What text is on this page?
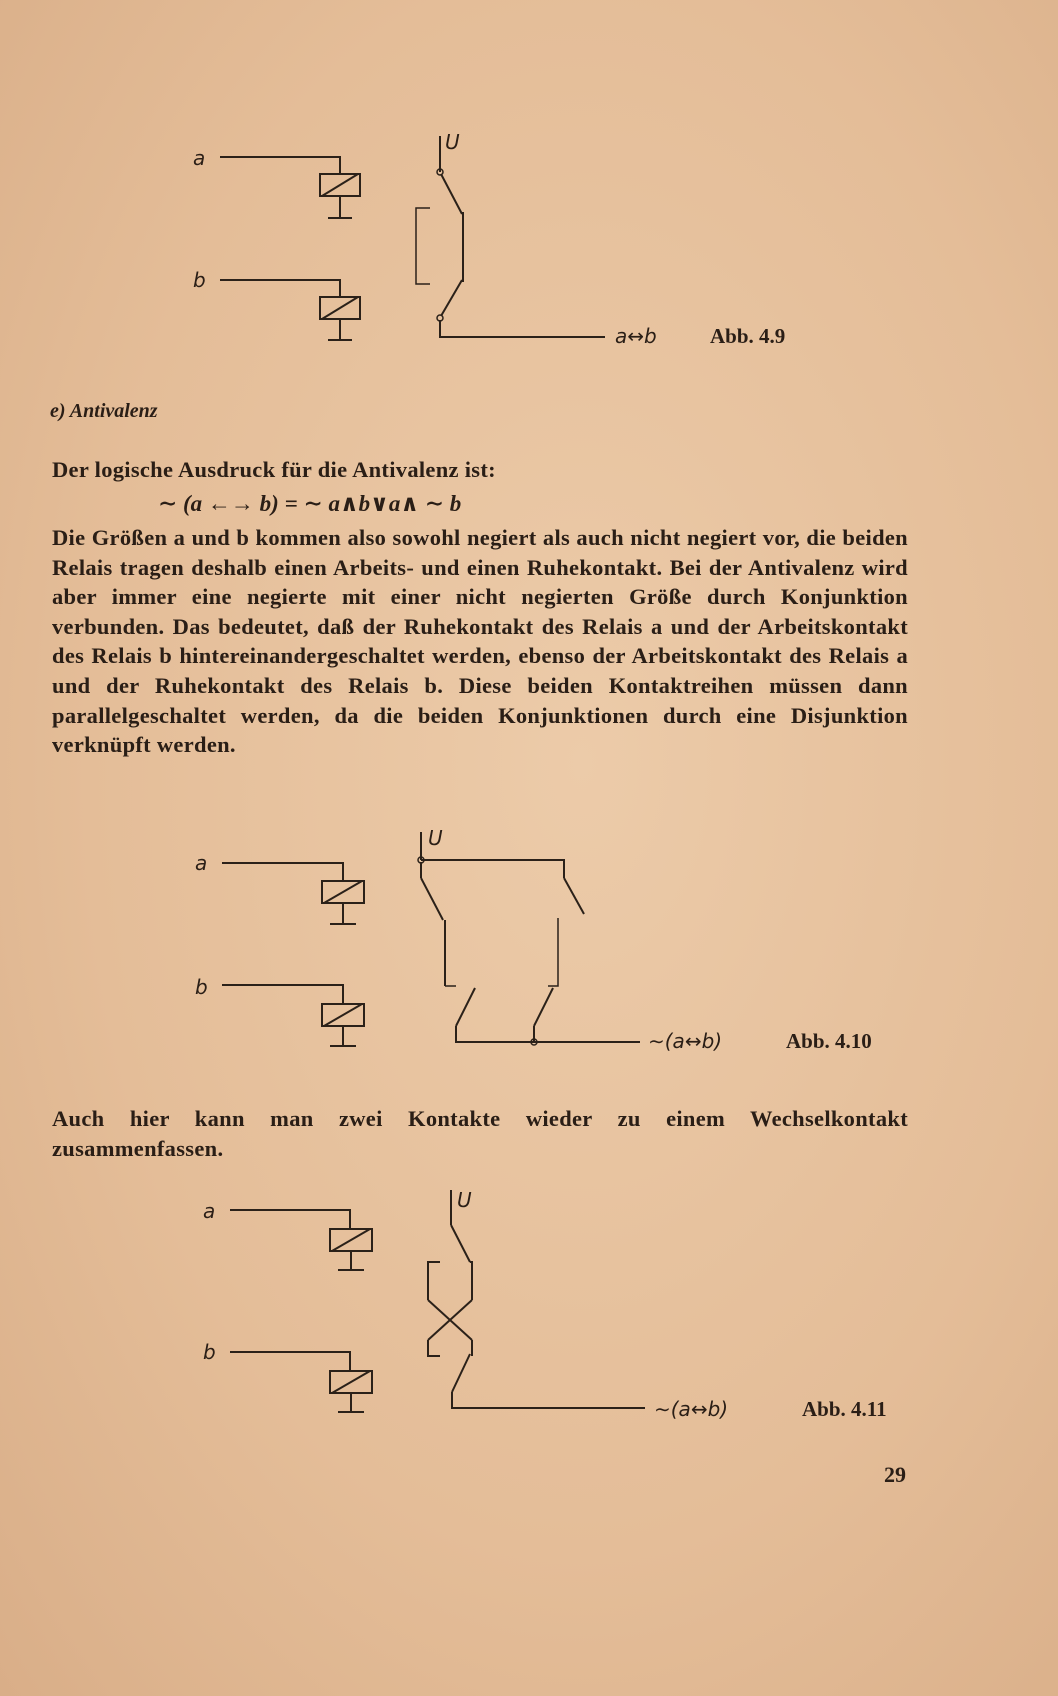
a
b
U
a↔b	Abb. 4.9
e) Antivalenz
Der logische Ausdruck für die Antivalenz ist:
∼ (a ←→ b) = ∼ a∧b∨a∧ ∼ b
Die Größen a und b kommen also sowohl negiert als auch nicht negiert vor, die beiden Relais tragen deshalb einen Arbeits- und einen Ruhekontakt. Bei der Antivalenz wird aber immer eine negierte mit einer nicht negierten Größe durch Konjunktion verbunden. Das bedeutet, daß der Ruhekontakt des Relais a und der Arbeitskontakt des Relais b hintereinandergeschaltet werden, ebenso der Arbeitskontakt des Relais a und der Ruhekontakt des Relais b. Diese beiden Kontaktreihen müssen dann parallelgeschaltet werden, da die beiden Konjunktionen durch eine Disjunktion verknüpft werden.
a
b
U
∼(a↔b)	Abb. 4.10
Auch hier kann man zwei Kontakte wieder zu einem Wechselkontakt zusammenfassen.
a
b
U
∼(a↔b)	Abb. 4.11
29
